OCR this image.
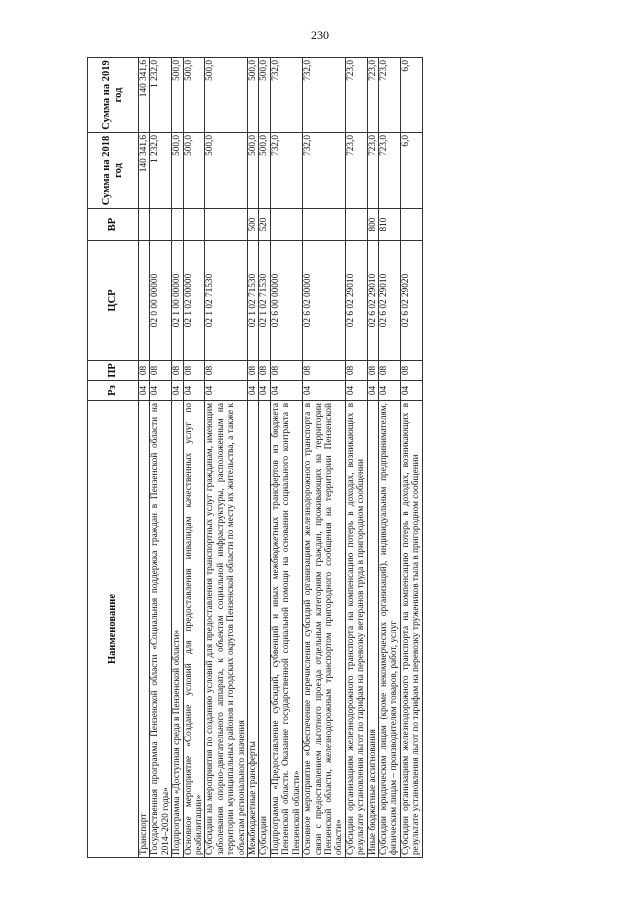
230
Наименование	Рз	ПР	ЦСР	ВР	Сумма на 2018 год	Сумма на 2019 год
Транспорт	04	08			140 341,6	140 341,6
Государственная программа Пензенской области «Социальная поддержка граждан в Пензенской области на 2014–2020 годы»	04	08	02 0 00 00000		1 232,0	1 232,0
Подпрограмма «Доступная среда в Пензенской области»	04	08	02 1 00 00000		500,0	500,0
Основное мероприятие «Создание условий для предоставления инвалидам качественных услуг по реабилитации»	04	08	02 1 02 00000		500,0	500,0
Субсидии на мероприятия по созданию условий для предоставления транспортных услуг гражданам, имеющим заболевания опорно-двигательного аппарата, к объектам социальной инфраструктуры, расположенным на территории муниципальных районов и городских округов Пензенской области по месту их жительства, а также к объектам регионального значения	04	08	02 1 02 71530		500,0	500,0
Межбюджетные трансферты	04	08	02 1 02 71530	500	500,0	500,0
Субсидии	04	08	02 1 02 71530	520	500,0	500,0
Подпрограмма «Предоставление субсидий, субвенций и иных межбюджетных трансфертов из бюджета Пензенской области. Оказание государственной социальной помощи на основании социального контракта в Пензенской области»	04	08	02 6 00 00000		732,0	732,0
Основное мероприятие «Обеспечение перечисления субсидий организациям железнодорожного транспорта в связи с предоставлением льготного проезда отдельным категориям граждан, проживающих на территории Пензенской области, железнодорожным транспортом пригородного сообщения на территории Пензенской области»	04	08	02 6 02 00000		732,0	732,0
Субсидии организациям железнодорожного транспорта на компенсацию потерь в доходах, возникающих в результате установления льгот по тарифам на перевозку ветеранов труда в пригородном сообщении	04	08	02 6 02 29010		723,0	723,0
Иные бюджетные ассигнования	04	08	02 6 02 29010	800	723,0	723,0
Субсидии юридическим лицам (кроме некоммерческих организаций), индивидуальным предпринимателям, физическим лицам – производителям товаров, работ, услуг	04	08	02 6 02 29010	810	723,0	723,0
Субсидии организациям железнодорожного транспорта на компенсацию потерь в доходах, возникающих в результате установления льгот по тарифам на перевозку тружеников тыла в пригородном сообщении	04	08	02 6 02 29020		6,0	6,0
